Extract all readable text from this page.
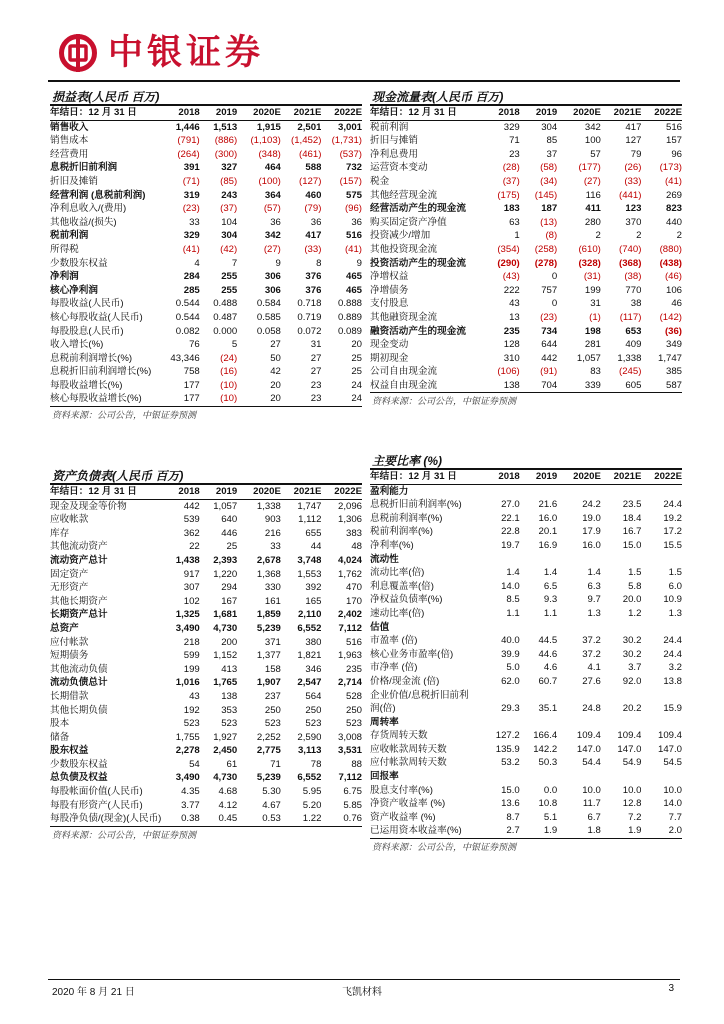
中银证券
损益表(人民币 百万)
年结日：12 月 31 日	2018	2019	2020E	2021E	2022E
销售收入	1,446	1,513	1,915	2,501	3,001
销售成本	(791)	(886)	(1,103)	(1,452)	(1,731)
经营费用	(264)	(300)	(348)	(461)	(537)
息税折旧前利润	391	327	464	588	732
折旧及摊销	(71)	(85)	(100)	(127)	(157)
经营利润 (息税前利润)	319	243	364	460	575
净利息收入/(费用)	(23)	(37)	(57)	(79)	(96)
其他收益/(损失)	33	104	36	36	36
税前利润	329	304	342	417	516
所得税	(41)	(42)	(27)	(33)	(41)
少数股东权益	4	7	9	8	9
净利润	284	255	306	376	465
核心净利润	285	255	306	376	465
每股收益(人民币)	0.544	0.488	0.584	0.718	0.888
核心每股收益(人民币)	0.544	0.487	0.585	0.719	0.889
每股股息(人民币)	0.082	0.000	0.058	0.072	0.089
收入增长(%)	76	5	27	31	20
息税前利润增长(%)	43,346	(24)	50	27	25
息税折旧前利润增长(%)	758	(16)	42	27	25
每股收益增长(%)	177	(10)	20	23	24
核心每股收益增长(%)	177	(10)	20	23	24
资料来源：公司公告，中银证券预测
资产负债表(人民币 百万)
年结日：12 月 31 日	2018	2019	2020E	2021E	2022E
现金及现金等价物	442	1,057	1,338	1,747	2,096
应收帐款	539	640	903	1,112	1,306
库存	362	446	216	655	383
其他流动资产	22	25	33	44	48
流动资产总计	1,438	2,393	2,678	3,748	4,024
固定资产	917	1,220	1,368	1,553	1,762
无形资产	307	294	330	392	470
其他长期资产	102	167	161	165	170
长期资产总计	1,325	1,681	1,859	2,110	2,402
总资产	3,490	4,730	5,239	6,552	7,112
应付帐款	218	200	371	380	516
短期债务	599	1,152	1,377	1,821	1,963
其他流动负债	199	413	158	346	235
流动负债总计	1,016	1,765	1,907	2,547	2,714
长期借款	43	138	237	564	528
其他长期负债	192	353	250	250	250
股本	523	523	523	523	523
储备	1,755	1,927	2,252	2,590	3,008
股东权益	2,278	2,450	2,775	3,113	3,531
少数股东权益	54	61	71	78	88
总负债及权益	3,490	4,730	5,239	6,552	7,112
每股帐面价值(人民币)	4.35	4.68	5.30	5.95	6.75
每股有形资产(人民币)	3.77	4.12	4.67	5.20	5.85
每股净负债/(现金)(人民币)	0.38	0.45	0.53	1.22	0.76
资料来源：公司公告，中银证券预测
现金流量表(人民币 百万)
年结日：12 月 31 日	2018	2019	2020E	2021E	2022E
税前利润	329	304	342	417	516
折旧与摊销	71	85	100	127	157
净利息费用	23	37	57	79	96
运营资本变动	(28)	(58)	(177)	(26)	(173)
税金	(37)	(34)	(27)	(33)	(41)
其他经营现金流	(175)	(145)	116	(441)	269
经营活动产生的现金流	183	187	411	123	823
购买固定资产净值	63	(13)	280	370	440
投资减少/增加	1	(8)	2	2	2
其他投资现金流	(354)	(258)	(610)	(740)	(880)
投资活动产生的现金流	(290)	(278)	(328)	(368)	(438)
净增权益	(43)	0	(31)	(38)	(46)
净增债务	222	757	199	770	106
支付股息	43	0	31	38	46
其他融资现金流	13	(23)	(1)	(117)	(142)
融资活动产生的现金流	235	734	198	653	(36)
现金变动	128	644	281	409	349
期初现金	310	442	1,057	1,338	1,747
公司自由现金流	(106)	(91)	83	(245)	385
权益自由现金流	138	704	339	605	587
资料来源：公司公告，中银证券预测
主要比率 (%)
年结日：12 月 31 日	2018	2019	2020E	2021E	2022E
盈利能力					
息税折旧前利润率(%)	27.0	21.6	24.2	23.5	24.4
息税前利润率(%)	22.1	16.0	19.0	18.4	19.2
税前利润率(%)	22.8	20.1	17.9	16.7	17.2
净利率(%)	19.7	16.9	16.0	15.0	15.5
流动性					
流动比率(倍)	1.4	1.4	1.4	1.5	1.5
利息覆盖率(倍)	14.0	6.5	6.3	5.8	6.0
净权益负债率(%)	8.5	9.3	9.7	20.0	10.9
速动比率(倍)	1.1	1.1	1.3	1.2	1.3
估值					
市盈率 (倍)	40.0	44.5	37.2	30.2	24.4
核心业务市盈率(倍)	39.9	44.6	37.2	30.2	24.4
市净率 (倍)	5.0	4.6	4.1	3.7	3.2
价格/现金流 (倍)	62.0	60.7	27.6	92.0	13.8
企业价值/息税折旧前利					
润(倍)	29.3	35.1	24.8	20.2	15.9
周转率					
存货周转天数	127.2	166.4	109.4	109.4	109.4
应收帐款周转天数	135.9	142.2	147.0	147.0	147.0
应付帐款周转天数	53.2	50.3	54.4	54.9	54.5
回报率					
股息支付率(%)	15.0	0.0	10.0	10.0	10.0
净资产收益率 (%)	13.6	10.8	11.7	12.8	14.0
资产收益率 (%)	8.7	5.1	6.7	7.2	7.7
已运用资本收益率(%)	2.7	1.9	1.8	1.9	2.0
资料来源：公司公告，中银证券预测
2020 年 8 月 21 日	飞凯材料	3
